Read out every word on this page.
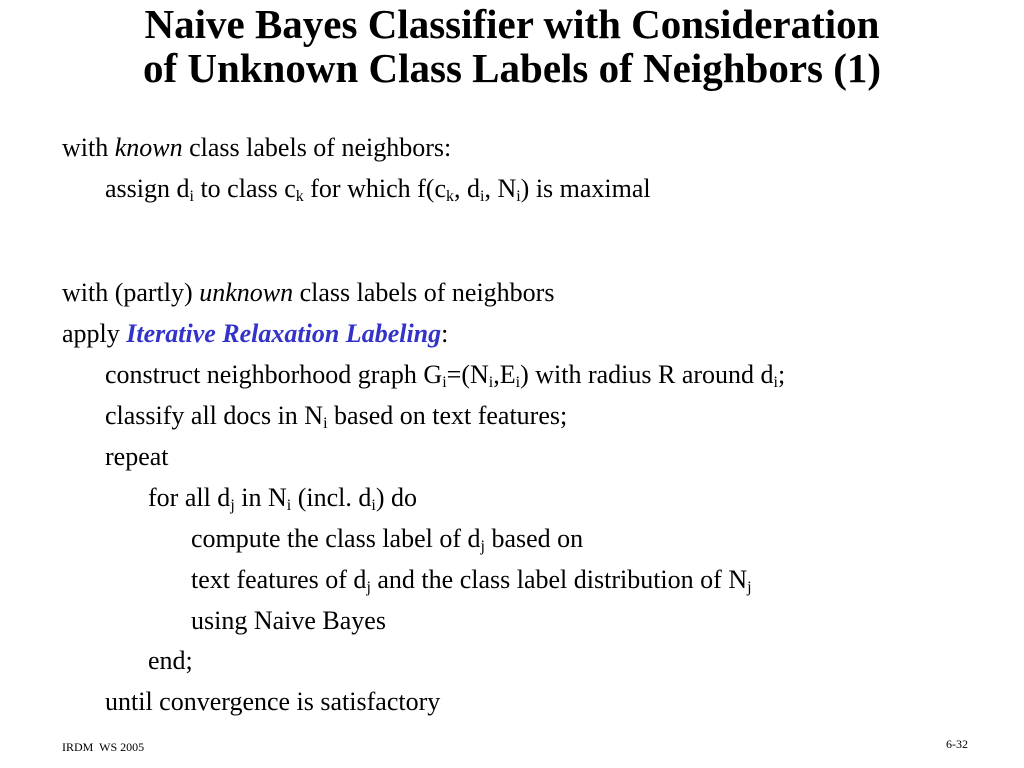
Naive Bayes Classifier with Consideration
of Unknown Class Labels of Neighbors (1)
with known class labels of neighbors:
assign $d_i$ to class $c_k$ for which $f(c_k$, $d_i$, $N_i$) is maximal
with (partly) unknown class labels of neighbors
apply Iterative Relaxation Labeling:
construct neighborhood graph $G_i=(N_i,E_i)$ with radius R around $d_i$;
classify all docs in $N_i$ based on text features;
repeat
for all $d_j$ in $N_i$ (incl. $d_i$) do
compute the class label of $d_j$ based on
text features of $d_j$ and the class label distribution of $N_j$
using Naive Bayes
end;
until convergence is satisfactory
IRDM  WS 2005	6-32
